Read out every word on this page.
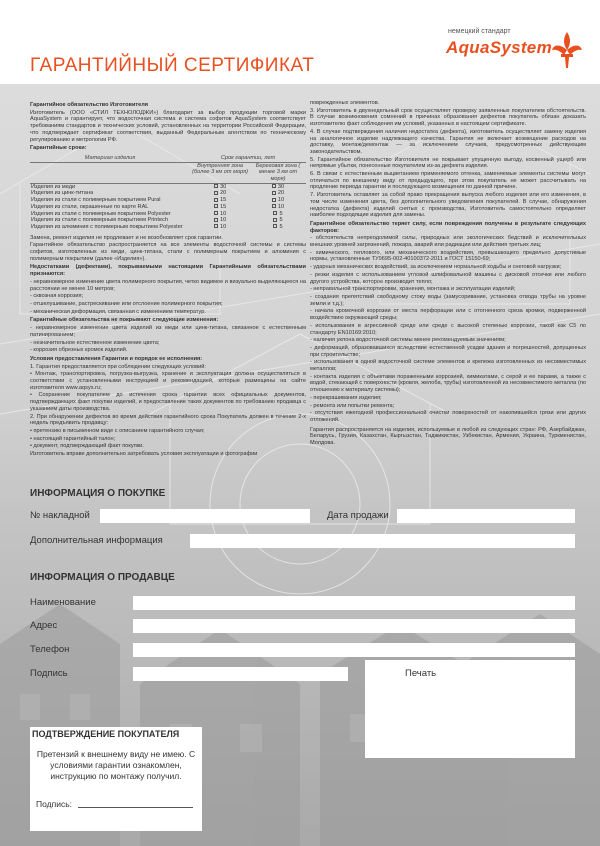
ГАРАНТИЙНЫЙ СЕРТИФИКАТ
немецкий стандарт
AquaSystem

Гарантийное обязательство Изготовителя

Изготовитель (ООО «СТИЛ ТЕХНОЛОДЖИ») благодарит за выбор продукции торговой марки AquaSystem и гарантирует, что водосточная система и система софитов AquaSystem соответствует требованиям стандартов и технических условий, установленных на территории Российской Федерации, что подтверждает сертификат соответствия, выданный Федеральным агентством по техническому регулированию и метрологии РФ.

Гарантийные сроки:

Материал изделия	Срок гарантии, лет	
	Внутренняя зона (более 3 км от моря)	Береговая зона ( менее 3 км от моря)
Изделия из меди	30	30
Изделия из цинк-титана	20	20
Изделия из стали с полимерным покрытием Pural	15	10
Изделия из стали, окрашенные по карте RAL	15	10
Изделия из стали с полимерным покрытием Polyester	10	5
Изделия из стали с полимерным покрытием Printech	10	5
Изделия из алюминия с полимерным покрытием Polyester	10	5

Замена, ремонт изделия не продлевает и не возобновляет срок гарантии.

Гарантийное обязательство распространяется на все элементы водосточной системы и системы софитов, изготовленных из меди, цинк-титана, стали с полимерным покрытием и алюминия с полимерным покрытием (далее «Изделия»).

Недостатками (дефектами), покрываемыми настоящими Гарантийными обязательствами признаются:

- неравномерное изменение цвета полимерного покрытия, четко видимое и визуально выделяющееся на расстоянии не менее 10 метров;

- сквозная коррозия;

- отшелушивание, растрескивание или отслоение полимерного покрытия;

- механическая деформация, связанная с изменением температур.

Гарантийные обязательства не покрывают следующие изменения:

- неравномерное изменение цвета изделий из меди или цинк-титана, связанное с естественным патинированием;

- незначительное естественное изменение цвета;

- коррозия обрезных кромок изделий.

Условия предоставления Гарантии и порядок ее исполнения:

1. Гарантия предоставляется при соблюдении следующих условий:

• Монтаж, транспортировка, погрузка-выгрузка, хранение и эксплуатация должна осуществляться в соответствии с установленными инструкцией и рекомендацией, которые размещены на сайте изготовителя www.aqsys.ru;

• Сохранение покупателем до истечения срока гарантии всех официальных документов, подтверждающих факт покупки изделий, и предоставление таких документов по требованию продавца с указанием даты производства.

2. При обнаружении дефектов во время действия гарантийного срока Покупатель должен в течение 2-х недель предъявить продавцу:

• претензию в письменном виде с описанием гарантийного случая;

• настоящий гарантийный талон;

• документ, подтверждающий факт покупки.

Изготовитель вправе дополнительно затребовать условия эксплуатации и фотографии

поврежденных элементов.

3. Изготовитель в двухнедельный срок осуществляет проверку заявленных покупателем обстоятельств. В случае возникновения сомнений в причинах образования дефектов покупатель обязан доказать изготовителю факт соблюдения им условий, указанных в настоящем сертификате.

4. В случае подтверждения наличия недостатка (дефекта), изготовитель осуществляет замену изделия на аналогичное изделие надлежащего качества. Гарантия не включает возмещение расходов на доставку, монтаж/демонтаж — за исключением случаев, предусмотренных действующим законодательством.

5. Гарантийное обязательство Изготовителя не покрывает упущенную выгоду, косвенный ущерб или непрямые убытки, понесенные покупателем из-за дефекта изделия.

6. В связи с естественным выцветанием применяемого отгенка, заменяемые элементы системы могут отличаться по внешнему виду от предыдущего, при этом покупатель не может рассчитывать на продление периода гарантии и последующего возмещения по данной причине.

7. Изготовитель оставляет за собой право прекращения выпуска любого изделия или его изменения, в том числе изменения цвета, без дополнительного уведомления покупателей. В случае, обнаружения недостатка (дефекта) изделий снятых с производства, Изготовитель самостоятельно определяет наиболее подходящие изделия для замены.

Гарантийное обязательство теряет силу, если повреждения получены в результате следующих факторов:

- обстоятельств непреодолимой силы, природных или экологических бедствий и исключительных внешних уровней загрязнений, пожара, аварий или радиации или действия третьих лиц;

- химического, теплового, или механического воздействия, превышающего предельно допустимые нормы, установленные ТУ9695-002-40100372-2011 и ГОСТ 15150-69;

- ударных механических воздействий, за исключением нормальной ходьбы и снеговой нагрузки;

- резки изделия с использованием угловой шлифовальной машины с дисковой отсечки или любого другого устройства, которое производит тепло;

- неправильной транспортировки, хранения, монтажа и эксплуатации изделий;

- создания препятствий свободному стоку воды (замусоривание, установка отвода трубы на уровне земли и т.д.);

- начала кромочной коррозии от места перфорации или с отогненного среза кромки, подверженной воздействию окружающей среды;

- использования в агрессивной среде или среде с высокой степенью коррозии, такой как C5 по стандарту EN10169:2010;

- наличия уклона водосточной системы менее рекомендуемым значениям;

- деформаций, образовавшихся вследствие естественной усадки здания и погрешностей, допущенных при строительстве;

- использования в одной водосточной системе элементов и крепежа изготовленных из несовместимых металлов;

- контакта изделия с объектами пораженными коррозией, химикатами, с серой и ее парами, а также с водой, стекающей с поверхности (кровля, желоба, трубы) изготовленной из несовместимого металла (по отношению к материалу системы);

- перекрашивания изделия;

- ремонта или попытки ремонта;

- отсутствия ежегодной профессиональной очистки поверхностей от накопившейся грязи или других отложений.

Гарантия распространяется на изделия, используемые в любой из следующих стран: РФ, Азербайджан, Беларусь, Грузия, Казахстан, Кыргызстан, Таджикистан, Узбекистан, Армения, Украина, Туркменистан, Молдова.

ИНФОРМАЦИЯ О ПОКУПКЕ
№ накладной	Дата продажи
Дополнительная информация
ИНФОРМАЦИЯ О ПРОДАВЦЕ
Наименование
Адрес
Телефон
Подпись	Печать
ПОДТВЕРЖДЕНИЕ ПОКУПАТЕЛЯ
Претензий к внешнему виду не имею. С условиями гарантии ознакомлен, инструкцию по монтажу получил.
Подпись:
